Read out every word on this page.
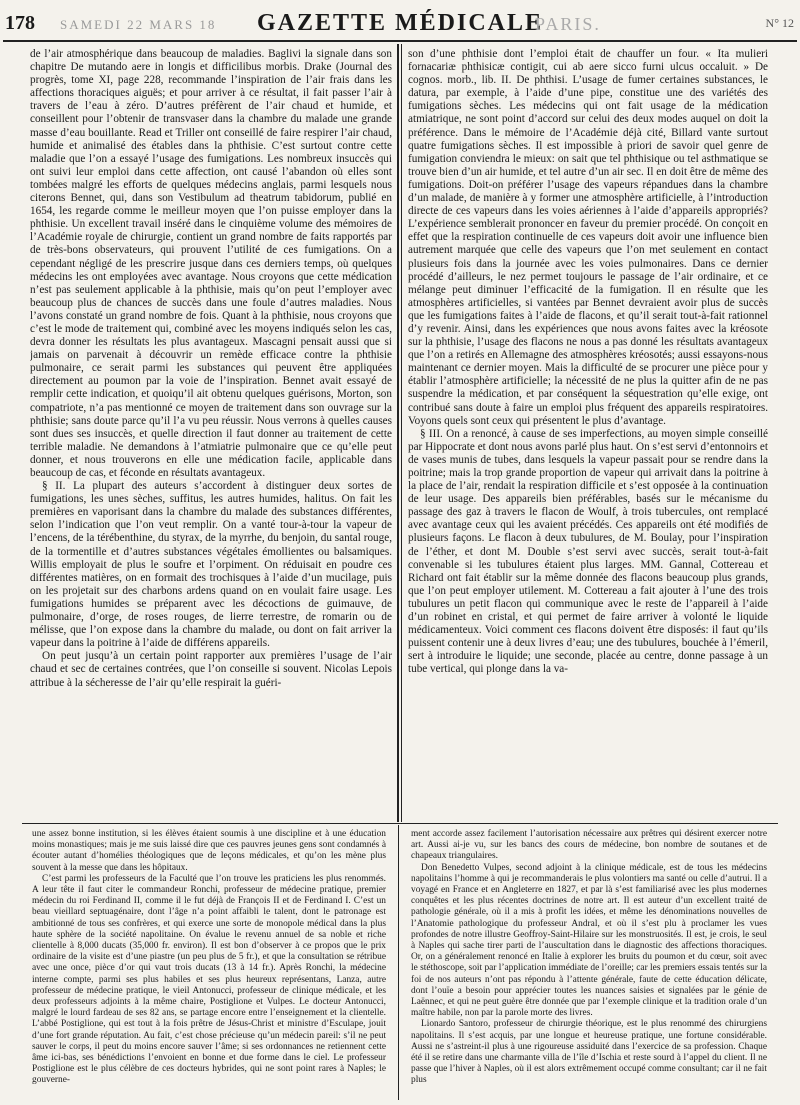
178 SAMEDI 22 MARS 18	GAZETTE MÉDICALE
PARIS.	N° 12

de l’air atmosphérique dans beaucoup de maladies. Baglivi la signale dans son chapitre De mutando aere in longis et difficilibus morbis. Drake (Journal des progrès, tome XI, page 228, recommande l’inspiration de l’air frais dans les affections thoraciques aiguës; et pour arriver à ce résultat, il fait passer l’air à travers de l’eau à zéro. D’autres préfèrent de l’air chaud et humide, et conseillent pour l’obtenir de transvaser dans la chambre du malade une grande masse d’eau bouillante. Read et Triller ont conseillé de faire respirer l’air chaud, humide et animalisé des étables dans la phthisie. C’est surtout contre cette maladie que l’on a essayé l’usage des fumigations. Les nombreux insuccès qui ont suivi leur emploi dans cette affection, ont causé l’abandon où elles sont tombées malgré les efforts de quelques médecins anglais, parmi lesquels nous citerons Bennet, qui, dans son Vestibulum ad theatrum tabidorum, publié en 1654, les regarde comme le meilleur moyen que l’on puisse employer dans la phthisie. Un excellent travail inséré dans le cinquième volume des mémoires de l’Académie royale de chirurgie, contient un grand nombre de faits rapportés par de très-bons observateurs, qui prouvent l’utilité de ces fumigations. On a cependant négligé de les prescrire jusque dans ces derniers temps, où quelques médecins les ont employées avec avantage. Nous croyons que cette médication n’est pas seulement applicable à la phthisie, mais qu’on peut l’employer avec beaucoup plus de chances de succès dans une foule d’autres maladies. Nous l’avons constaté un grand nombre de fois. Quant à la phthisie, nous croyons que c’est le mode de traitement qui, combiné avec les moyens indiqués selon les cas, devra donner les résultats les plus avantageux. Mascagni pensait aussi que si jamais on parvenait à découvrir un remède efficace contre la phthisie pulmonaire, ce serait parmi les substances qui peuvent être appliquées directement au poumon par la voie de l’inspiration. Bennet avait essayé de remplir cette indication, et quoiqu’il ait obtenu quelques guérisons, Morton, son compatriote, n’a pas mentionné ce moyen de traitement dans son ouvrage sur la phthisie; sans doute parce qu’il l’a vu peu réussir. Nous verrons à quelles causes sont dues ses insuccès, et quelle direction il faut donner au traitement de cette terrible maladie. Ne demandons à l’atmiatrie pulmonaire que ce qu’elle peut donner, et nous trouverons en elle une médication facile, applicable dans beaucoup de cas, et féconde en résultats avantageux.

§ II. La plupart des auteurs s’accordent à distinguer deux sortes de fumigations, les unes sèches, suffitus, les autres humides, halitus. On fait les premières en vaporisant dans la chambre du malade des substances différentes, selon l’indication que l’on veut remplir. On a vanté tour-à-tour la vapeur de l’encens, de la térébenthine, du styrax, de la myrrhe, du benjoin, du santal rouge, de la tormentille et d’autres substances végétales émollientes ou balsamiques. Willis employait de plus le soufre et l’orpiment. On réduisait en poudre ces différentes matières, on en formait des trochisques à l’aide d’un mucilage, puis on les projetait sur des charbons ardens quand on en voulait faire usage. Les fumigations humides se préparent avec les décoctions de guimauve, de pulmonaire, d’orge, de roses rouges, de lierre terrestre, de romarin ou de mélisse, que l’on expose dans la chambre du malade, ou dont on fait arriver la vapeur dans la poitrine à l’aide de différens appareils.

On peut jusqu’à un certain point rapporter aux premières l’usage de l’air chaud et sec de certaines contrées, que l’on conseille si souvent. Nicolas Lepois attribue à la sécheresse de l’air qu’elle respirait la guéri-

son d’une phthisie dont l’emploi était de chauffer un four. « Ita mulieri fornacariæ phthisicæ contigit, cui ab aere sicco furni ulcus occaluit. » De cognos. morb., lib. II. De phthisi. L’usage de fumer certaines substances, le datura, par exemple, à l’aide d’une pipe, constitue une des variétés des fumigations sèches. Les médecins qui ont fait usage de la médication atmiatrique, ne sont point d’accord sur celui des deux modes auquel on doit la préférence. Dans le mémoire de l’Académie déjà cité, Billard vante surtout quatre fumigations sèches. Il est impossible à priori de savoir quel genre de fumigation conviendra le mieux: on sait que tel phthisique ou tel asthmatique se trouve bien d’un air humide, et tel autre d’un air sec. Il en doit être de même des fumigations. Doit-on préférer l’usage des vapeurs répandues dans la chambre d’un malade, de manière à y former une atmosphère artificielle, à l’introduction directe de ces vapeurs dans les voies aériennes à l’aide d’appareils appropriés? L’expérience semblerait prononcer en faveur du premier procédé. On conçoit en effet que la respiration continuelle de ces vapeurs doit avoir une influence bien autrement marquée que celle des vapeurs que l’on met seulement en contact plusieurs fois dans la journée avec les voies pulmonaires. Dans ce dernier procédé d’ailleurs, le nez permet toujours le passage de l’air ordinaire, et ce mélange peut diminuer l’efficacité de la fumigation. Il en résulte que les atmosphères artificielles, si vantées par Bennet devraient avoir plus de succès que les fumigations faites à l’aide de flacons, et qu’il serait tout-à-fait rationnel d’y revenir. Ainsi, dans les expériences que nous avons faites avec la kréosote sur la phthisie, l’usage des flacons ne nous a pas donné les résultats avantageux que l’on a retirés en Allemagne des atmosphères kréosotés; aussi essayons-nous maintenant ce dernier moyen. Mais la difficulté de se procurer une pièce pour y établir l’atmosphère artificielle; la nécessité de ne plus la quitter afin de ne pas suspendre la médication, et par conséquent la séquestration qu’elle exige, ont contribué sans doute à faire un emploi plus fréquent des appareils respiratoires. Voyons quels sont ceux qui présentent le plus d’avantage.

§ III. On a renoncé, à cause de ses imperfections, au moyen simple conseillé par Hippocrate et dont nous avons parlé plus haut. On s’est servi d’entonnoirs et de vases munis de tubes, dans lesquels la vapeur passait pour se rendre dans la poitrine; mais la trop grande proportion de vapeur qui arrivait dans la poitrine à la place de l’air, rendait la respiration difficile et s’est opposée à la continuation de leur usage. Des appareils bien préférables, basés sur le mécanisme du passage des gaz à travers le flacon de Woulf, à trois tubercules, ont remplacé avec avantage ceux qui les avaient précédés. Ces appareils ont été modifiés de plusieurs façons. Le flacon à deux tubulures, de M. Boulay, pour l’inspiration de l’éther, et dont M. Double s’est servi avec succès, serait tout-à-fait convenable si les tubulures étaient plus larges. MM. Gannal, Cottereau et Richard ont fait établir sur la même donnée des flacons beaucoup plus grands, que l’on peut employer utilement. M. Cottereau a fait ajouter à l’une des trois tubulures un petit flacon qui communique avec le reste de l’appareil à l’aide d’un robinet en cristal, et qui permet de faire arriver à volonté le liquide médicamenteux. Voici comment ces flacons doivent être disposés: il faut qu’ils puissent contenir une à deux livres d’eau; une des tubulures, bouchée à l’émeril, sert à introduire le liquide; une seconde, placée au centre, donne passage à un tube vertical, qui plonge dans la va-

une assez bonne institution, si les élèves étaient soumis à une discipline et à une éducation moins monastiques; mais je me suis laissé dire que ces pauvres jeunes gens sont condamnés à écouter autant d’homélies théologiques que de leçons médicales, et qu’on les mène plus souvent à la messe que dans les hôpitaux.

C’est parmi les professeurs de la Faculté que l’on trouve les praticiens les plus renommés. A leur tête il faut citer le commandeur Ronchi, professeur de médecine pratique, premier médecin du roi Ferdinand II, comme il le fut déjà de François II et de Ferdinand I. C’est un beau vieillard septuagénaire, dont l’âge n’a point affaibli le talent, dont le patronage est ambitionné de tous ses confrères, et qui exerce une sorte de monopole médical dans la plus haute sphère de la société napolitaine. On évalue le revenu annuel de sa noble et riche clientelle à 8,000 ducats (35,000 fr. environ). Il est bon d’observer à ce propos que le prix ordinaire de la visite est d’une piastre (un peu plus de 5 fr.), et que la consultation se rétribue avec une once, pièce d’or qui vaut trois ducats (13 à 14 fr.). Après Ronchi, la médecine interne compte, parmi ses plus habiles et ses plus heureux représentans, Lanza, autre professeur de médecine pratique, le vieil Antonucci, professeur de clinique médicale, et les deux professeurs adjoints à la même chaire, Postiglione et Vulpes. Le docteur Antonucci, malgré le lourd fardeau de ses 82 ans, se partage encore entre l’enseignement et la clientelle. L’abbé Postiglione, qui est tout à la fois prêtre de Jésus-Christ et ministre d’Esculape, jouit d’une fort grande réputation. Au fait, c’est chose précieuse qu’un médecin pareil: s’il ne peut sauver le corps, il peut du moins encore sauver l’âme; si ses ordonnances ne retiennent cette âme ici-bas, ses bénédictions l’envoient en bonne et due forme dans le ciel. Le professeur Postiglione est le plus célèbre de ces docteurs hybrides, qui ne sont point rares à Naples; le gouverne-

ment accorde assez facilement l’autorisation nécessaire aux prêtres qui désirent exercer notre art. Aussi ai-je vu, sur les bancs des cours de médecine, bon nombre de soutanes et de chapeaux triangulaires.

Don Benedetto Vulpes, second adjoint à la clinique médicale, est de tous les médecins napolitains l’homme à qui je recommanderais le plus volontiers ma santé ou celle d’autrui. Il a voyagé en France et en Angleterre en 1827, et par là s’est familiarisé avec les plus modernes conquêtes et les plus récentes doctrines de notre art. Il est auteur d’un excellent traité de pathologie générale, où il a mis à profit les idées, et même les dénominations nouvelles de l’Anatomie pathologique du professeur Andral, et où il s’est plu à proclamer les vues profondes de notre illustre Geoffroy-Saint-Hilaire sur les monstruosités. Il est, je crois, le seul à Naples qui sache tirer parti de l’auscultation dans le diagnostic des affections thoraciques. Or, on a généralement renoncé en Italie à explorer les bruits du poumon et du cœur, soit avec le stéthoscope, soit par l’application immédiate de l’oreille; car les premiers essais tentés sur la foi de nos auteurs n’ont pas répondu à l’attente générale, faute de cette éducation délicate, dont l’ouïe a besoin pour apprécier toutes les nuances saisies et signalées par le génie de Laënnec, et qui ne peut guère être donnée que par l’exemple clinique et la tradition orale d’un maître habile, non par la parole morte des livres.

Lionardo Santoro, professeur de chirurgie théorique, est le plus renommé des chirurgiens napolitains. Il s’est acquis, par une longue et heureuse pratique, une fortune considérable. Aussi ne s’astreint-il plus à une rigoureuse assiduité dans l’exercice de sa profession. Chaque été il se retire dans une charmante villa de l’île d’Ischia et reste sourd à l’appel du client. Il ne passe que l’hiver à Naples, où il est alors extrêmement occupé comme consultant; car il ne fait plus
